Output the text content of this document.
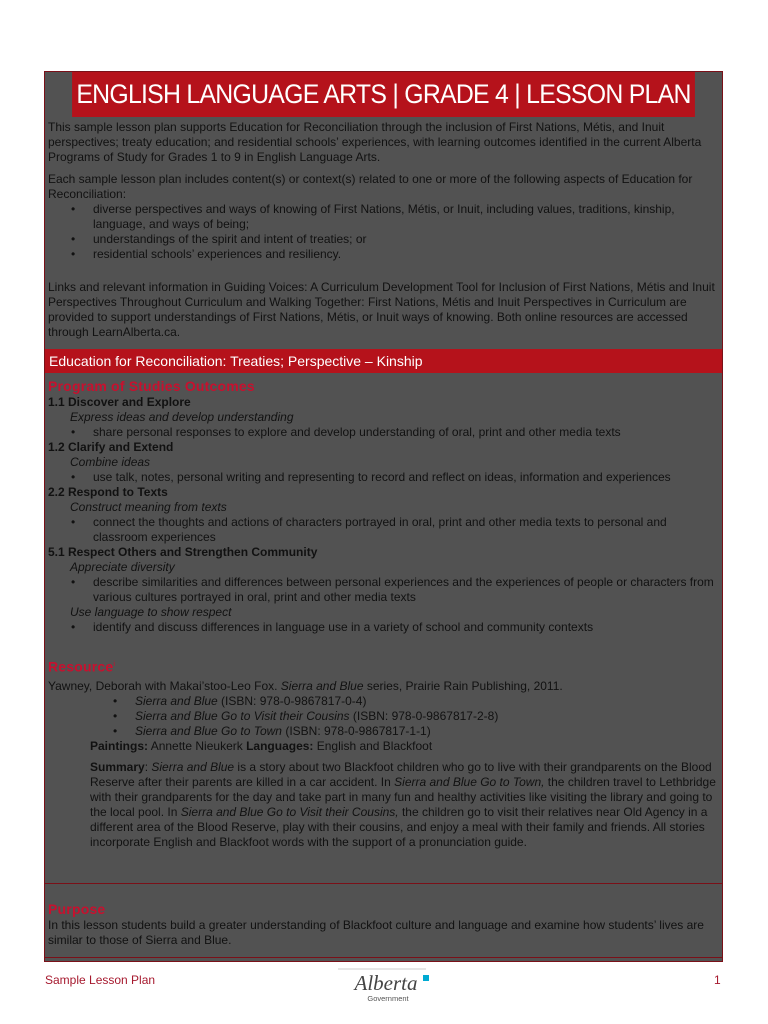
ENGLISH LANGUAGE ARTS | GRADE 4 | LESSON PLAN

This sample lesson plan supports Education for Reconciliation through the inclusion of First Nations, Métis, and Inuit perspectives; treaty education; and residential schools’ experiences, with learning outcomes identified in the current Alberta Programs of Study for Grades 1 to 9 in English Language Arts.

Each sample lesson plan includes content(s) or context(s) related to one or more of the following aspects of Education for Reconciliation:

• diverse perspectives and ways of knowing of First Nations, Métis, or Inuit, including values, traditions, kinship, language, and ways of being;
• understandings of the spirit and intent of treaties; or
• residential schools’ experiences and resiliency.

Links and relevant information in Guiding Voices: A Curriculum Development Tool for Inclusion of First Nations, Métis and Inuit Perspectives Throughout Curriculum and Walking Together: First Nations, Métis and Inuit Perspectives in Curriculum are provided to support understandings of First Nations, Métis, or Inuit ways of knowing. Both online resources are accessed through LearnAlberta.ca.

Education for Reconciliation: Treaties; Perspective – Kinship
Program of Studies Outcomes
1.1 Discover and Explore
Express ideas and develop understanding
• share personal responses to explore and develop understanding of oral, print and other media texts
1.2 Clarify and Extend
Combine ideas
• use talk, notes, personal writing and representing to record and reflect on ideas, information and experiences
2.2 Respond to Texts
Construct meaning from texts
• connect the thoughts and actions of characters portrayed in oral, print and other media texts to personal and classroom experiences
5.1 Respect Others and Strengthen Community
Appreciate diversity
• describe similarities and differences between personal experiences and the experiences of people or characters from various cultures portrayed in oral, print and other media texts
Use language to show respect
• identify and discuss differences in language use in a variety of school and community contexts
Resource$^i$
Yawney, Deborah with Makai’stoo-Leo Fox. Sierra and Blue series, Prairie Rain Publishing, 2011.
• Sierra and Blue (ISBN: 978-0-9867817-0-4)
• Sierra and Blue Go to Visit their Cousins (ISBN: 978-0-9867817-2-8)
• Sierra and Blue Go to Town (ISBN: 978-0-9867817-1-1)
Paintings: Annette Nieukerk Languages: English and Blackfoot
Summary: Sierra and Blue is a story about two Blackfoot children who go to live with their grandparents on the Blood Reserve after their parents are killed in a car accident. In Sierra and Blue Go to Town, the children travel to Lethbridge with their grandparents for the day and take part in many fun and healthy activities like visiting the library and going to the local pool. In Sierra and Blue Go to Visit their Cousins, the children go to visit their relatives near Old Agency in a different area of the Blood Reserve, play with their cousins, and enjoy a meal with their family and friends. All stories incorporate English and Blackfoot words with the support of a pronunciation guide.
Purpose
In this lesson students build a greater understanding of Blackfoot culture and language and examine how students’ lives are similar to those of Sierra and Blue.
Sample Lesson Plan	Alberta
Government
1
